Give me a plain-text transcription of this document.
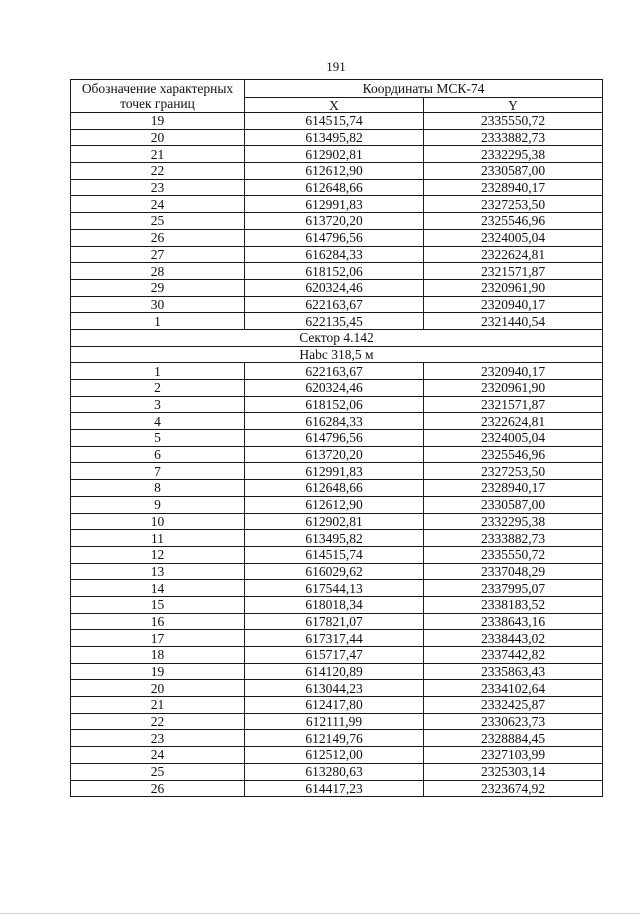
191
Обозначение характерных точек границ	Координаты МСК-74	
	X	Y
19	614515,74	2335550,72
20	613495,82	2333882,73
21	612902,81	2332295,38
22	612612,90	2330587,00
23	612648,66	2328940,17
24	612991,83	2327253,50
25	613720,20	2325546,96
26	614796,56	2324005,04
27	616284,33	2322624,81
28	618152,06	2321571,87
29	620324,46	2320961,90
30	622163,67	2320940,17
1	622135,45	2321440,54
Сектор 4.142		
Нabc 318,5 м		
1	622163,67	2320940,17
2	620324,46	2320961,90
3	618152,06	2321571,87
4	616284,33	2322624,81
5	614796,56	2324005,04
6	613720,20	2325546,96
7	612991,83	2327253,50
8	612648,66	2328940,17
9	612612,90	2330587,00
10	612902,81	2332295,38
11	613495,82	2333882,73
12	614515,74	2335550,72
13	616029,62	2337048,29
14	617544,13	2337995,07
15	618018,34	2338183,52
16	617821,07	2338643,16
17	617317,44	2338443,02
18	615717,47	2337442,82
19	614120,89	2335863,43
20	613044,23	2334102,64
21	612417,80	2332425,87
22	612111,99	2330623,73
23	612149,76	2328884,45
24	612512,00	2327103,99
25	613280,63	2325303,14
26	614417,23	2323674,92
